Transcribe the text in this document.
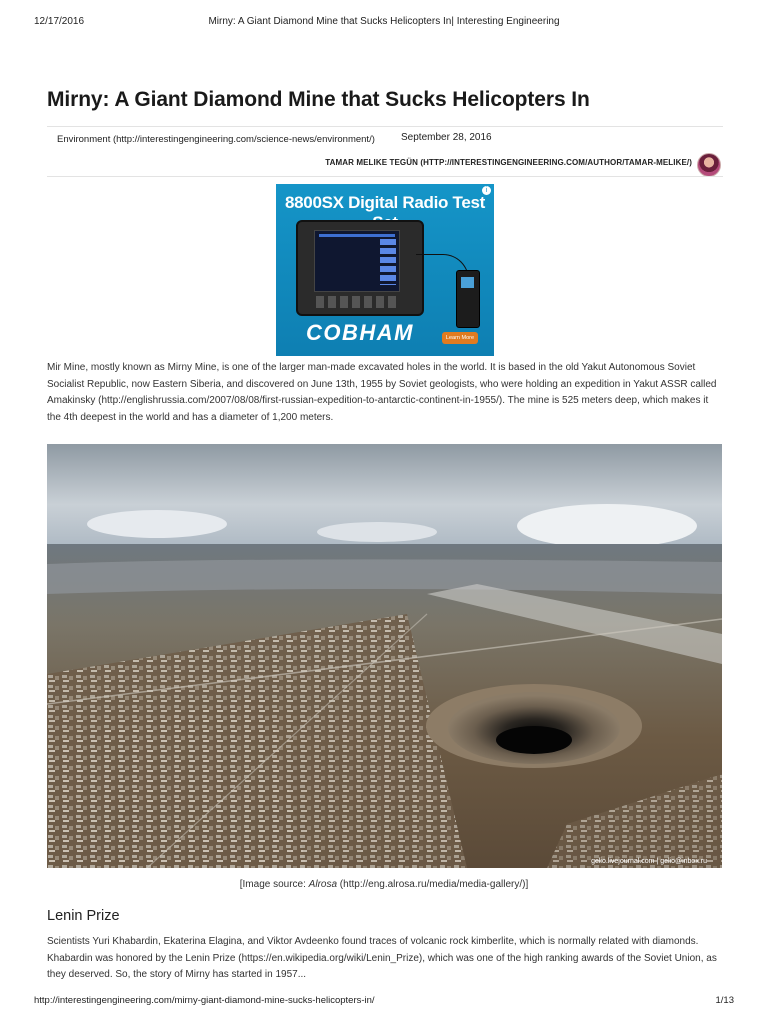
12/17/2016	Mirny: A Giant Diamond Mine that Sucks Helicopters In| Interesting Engineering
Mirny: A Giant Diamond Mine that Sucks Helicopters In
Environment (http://interestingengineering.com/science-news/environment/)	September 28, 2016
TAMAR MELIKE TEGÜN (HTTP://INTERESTINGENGINEERING.COM/AUTHOR/TAMAR-MELIKE/)
i
8800SX Digital Radio Test
COBHAM	Learn More

Mir Mine, mostly known as Mirny Mine, is one of the larger man-made excavated holes in the world. It is based in the old Yakut Autonomous Soviet Socialist Republic, now Eastern Siberia, and discovered on June 13th, 1955 by Soviet geologists, who were holding an expedition in Yakut ASSR called Amakinsky (http://englishrussia.com/2007/08/08/first-russian-expedition-to-antarctic-continent-in-1955/). The mine is 525 meters deep, which makes it the 4th deepest in the world and has a diameter of 1,200 meters.

gelio.livejournal.com | gelio@inbox.ru
[Image source: Alrosa (http://eng.alrosa.ru/media/media-gallery/)]
Lenin Prize

Scientists Yuri Khabardin, Ekaterina Elagina, and Viktor Avdeenko found traces of volcanic rock kimberlite, which is normally related with diamonds. Khabardin was honored by the Lenin Prize (https://en.wikipedia.org/wiki/Lenin_Prize), which was one of the high ranking awards of the Soviet Union, as they deserved. So, the story of Mirny has started in 1957...

http://interestingengineering.com/mirny-giant-diamond-mine-sucks-helicopters-in/	1/13
